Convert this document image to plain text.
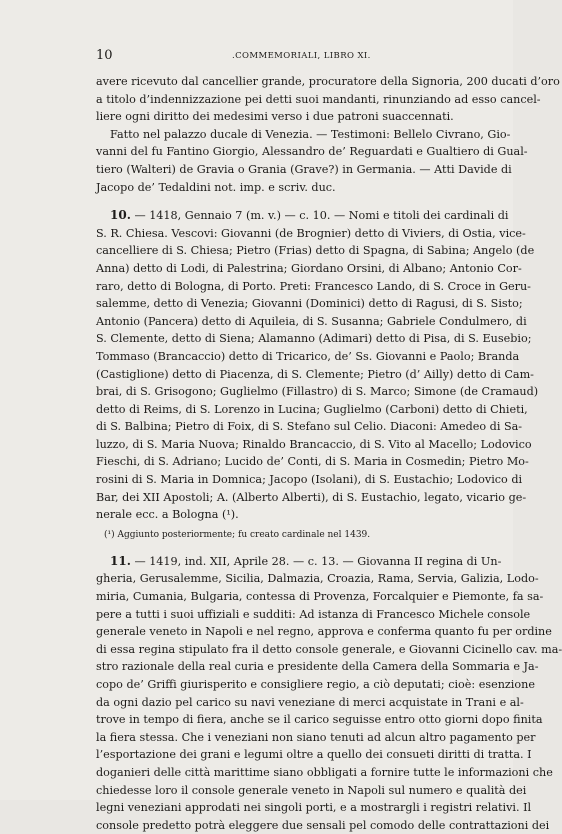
10	.COMMEMORIALI, LIBRO XI.
avere ricevuto dal cancellier grande, procuratore della Signoria, 200 ducati d’oro
a titolo d’indennizzazione pei detti suoi mandanti, rinunziando ad esso cancel-
liere ogni diritto dei medesimi verso i due patroni suaccennati.
Fatto nel palazzo ducale di Venezia. — Testimoni: Bellelo Civrano, Gio-
vanni del fu Fantino Giorgio, Alessandro de’ Reguardati e Gualtiero di Gual-
tiero (Walteri) de Gravia o Grania (Grave?) in Germania. — Atti Davide di
Jacopo de’ Tedaldini not. imp. e scriv. duc.
10. — 1418, Gennaio 7 (m. v.) — c. 10. — Nomi e titoli dei cardinali di
S. R. Chiesa. Vescovi: Giovanni (de Brognier) detto di Viviers, di Ostia, vice-
cancelliere di S. Chiesa; Pietro (Frias) detto di Spagna, di Sabina; Angelo (de
Anna) detto di Lodi, di Palestrina; Giordano Orsini, di Albano; Antonio Cor-
raro, detto di Bologna, di Porto. Preti: Francesco Lando, di S. Croce in Geru-
salemme, detto di Venezia; Giovanni (Dominici) detto di Ragusi, di S. Sisto;
Antonio (Pancera) detto di Aquileia, di S. Susanna; Gabriele Condulmero, di
S. Clemente, detto di Siena; Alamanno (Adimari) detto di Pisa, di S. Eusebio;
Tommaso (Brancaccio) detto di Tricarico, de’ Ss. Giovanni e Paolo; Branda
(Castiglione) detto di Piacenza, di S. Clemente; Pietro (d’ Ailly) detto di Cam-
brai, di S. Grisogono; Guglielmo (Fillastro) di S. Marco; Simone (de Cramaud)
detto di Reims, di S. Lorenzo in Lucina; Guglielmo (Carboni) detto di Chieti,
di S. Balbina; Pietro di Foix, di S. Stefano sul Celio. Diaconi: Amedeo di Sa-
luzzo, di S. Maria Nuova; Rinaldo Brancaccio, di S. Vito al Macello; Lodovico
Fieschi, di S. Adriano; Lucido de’ Conti, di S. Maria in Cosmedin; Pietro Mo-
rosini di S. Maria in Domnica; Jacopo (Isolani), di S. Eustachio; Lodovico di
Bar, dei XII Apostoli; A. (Alberto Alberti), di S. Eustachio, legato, vicario ge-
nerale ecc. a Bologna (¹).
(¹) Aggiunto posteriormente; fu creato cardinale nel 1439.
11. — 1419, ind. XII, Aprile 28. — c. 13. — Giovanna II regina di Un-
gheria, Gerusalemme, Sicilia, Dalmazia, Croazia, Rama, Servia, Galizia, Lodo-
miria, Cumania, Bulgaria, contessa di Provenza, Forcalquier e Piemonte, fa sa-
pere a tutti i suoi uffiziali e sudditi: Ad istanza di Francesco Michele console
generale veneto in Napoli e nel regno, approva e conferma quanto fu per ordine
di essa regina stipulato fra il detto console generale, e Giovanni Cicinello cav. ma-
stro razionale della real curia e presidente della Camera della Sommaria e Ja-
copo de’ Griffi giurisperito e consigliere regio, a ciò deputati; cioè: esenzione
da ogni dazio pel carico su navi veneziane di merci acquistate in Trani e al-
trove in tempo di fiera, anche se il carico seguisse entro otto giorni dopo finita
la fiera stessa. Che i veneziani non siano tenuti ad alcun altro pagamento per
l’esportazione dei grani e legumi oltre a quello dei consueti diritti di tratta. I
doganieri delle città marittime siano obbligati a fornire tutte le informazioni che
chiedesse loro il console generale veneto in Napoli sul numero e qualità dei
legni veneziani approdati nei singoli porti, e a mostrargli i registri relativi. Il
console predetto potrà eleggere due sensali pel comodo delle contrattazioni dei
